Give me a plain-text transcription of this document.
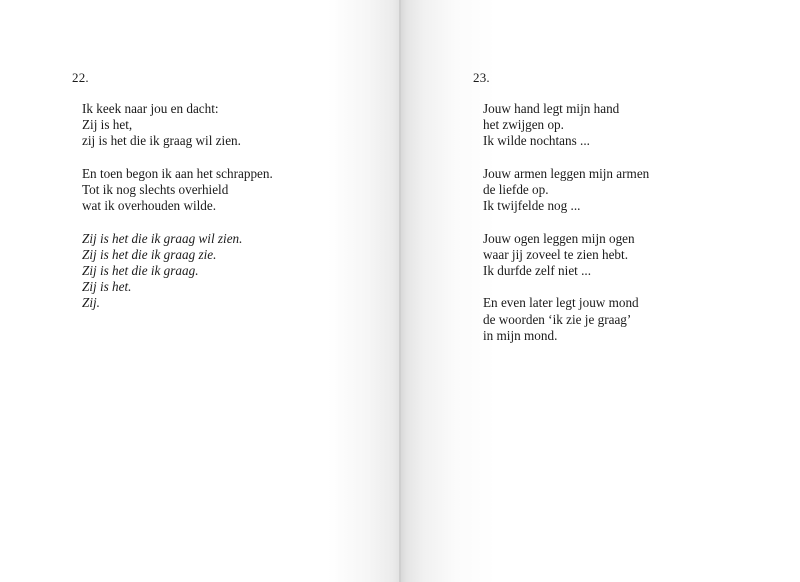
22.
Ik keek naar jou en dacht:
Zij is het,
zij is het die ik graag wil zien.
En toen begon ik aan het schrappen.
Tot ik nog slechts overhield
wat ik overhouden wilde.
Zij is het die ik graag wil zien.
Zij is het die ik graag zie.
Zij is het die ik graag.
Zij is het.
Zij.
23.
Jouw hand legt mijn hand
het zwijgen op.
Ik wilde nochtans ...
Jouw armen leggen mijn armen
de liefde op.
Ik twijfelde nog ...
Jouw ogen leggen mijn ogen
waar jij zoveel te zien hebt.
Ik durfde zelf niet ...
En even later legt jouw mond
de woorden ‘ik zie je graag’
in mijn mond.
